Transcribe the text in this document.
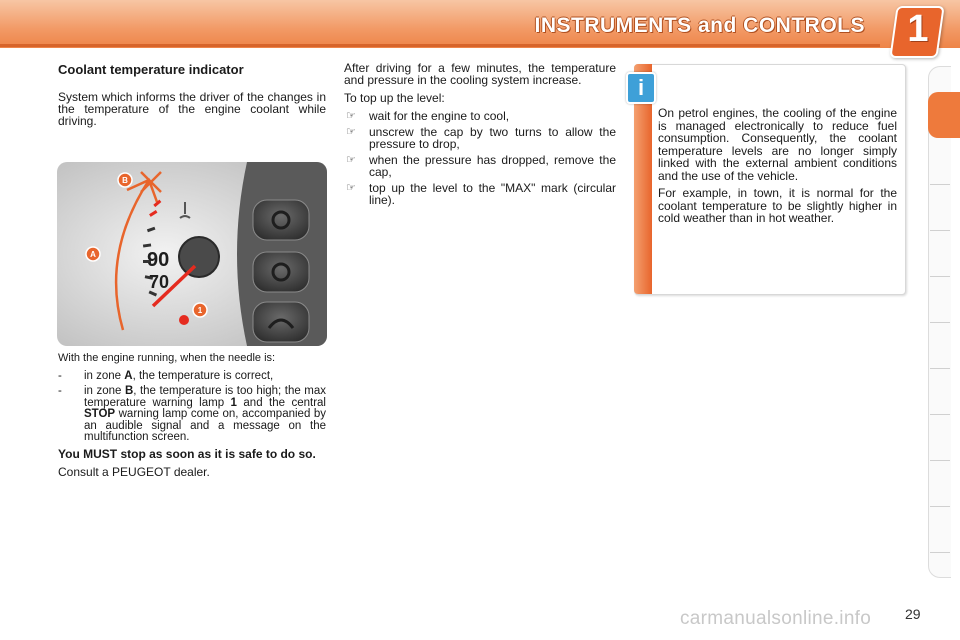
INSTRUMENTS and CONTROLS 1
Coolant temperature indicator

System which informs the driver of the changes in the temperature of the engine coolant while driving.

With the engine running, when the needle is:

- in zone A, the temperature is correct,
- in zone B, the temperature is too high; the max temperature warning lamp 1 and the central STOP warning lamp come on, accompanied by an audible signal and a message on the multifunction screen.

You MUST stop as soon as it is safe to do so.

Consult a PEUGEOT dealer.

90
70
B
A
1

After driving for a few minutes, the temperature and pressure in the cooling system increase.

To top up the level:

☞ wait for the engine to cool,
☞ unscrew the cap by two turns to allow the pressure to drop,
☞ when the pressure has dropped, remove the cap,
☞ top up the level to the "MAX" mark (circular line).
i

On petrol engines, the cooling of the engine is managed electronically to reduce fuel consumption. Consequently, the coolant temperature levels are no longer simply linked with the external ambient conditions and the use of the vehicle.

For example, in town, it is normal for the coolant temperature to be slightly higher in cold weather than in hot weather.

carmanualsonline.info 29
